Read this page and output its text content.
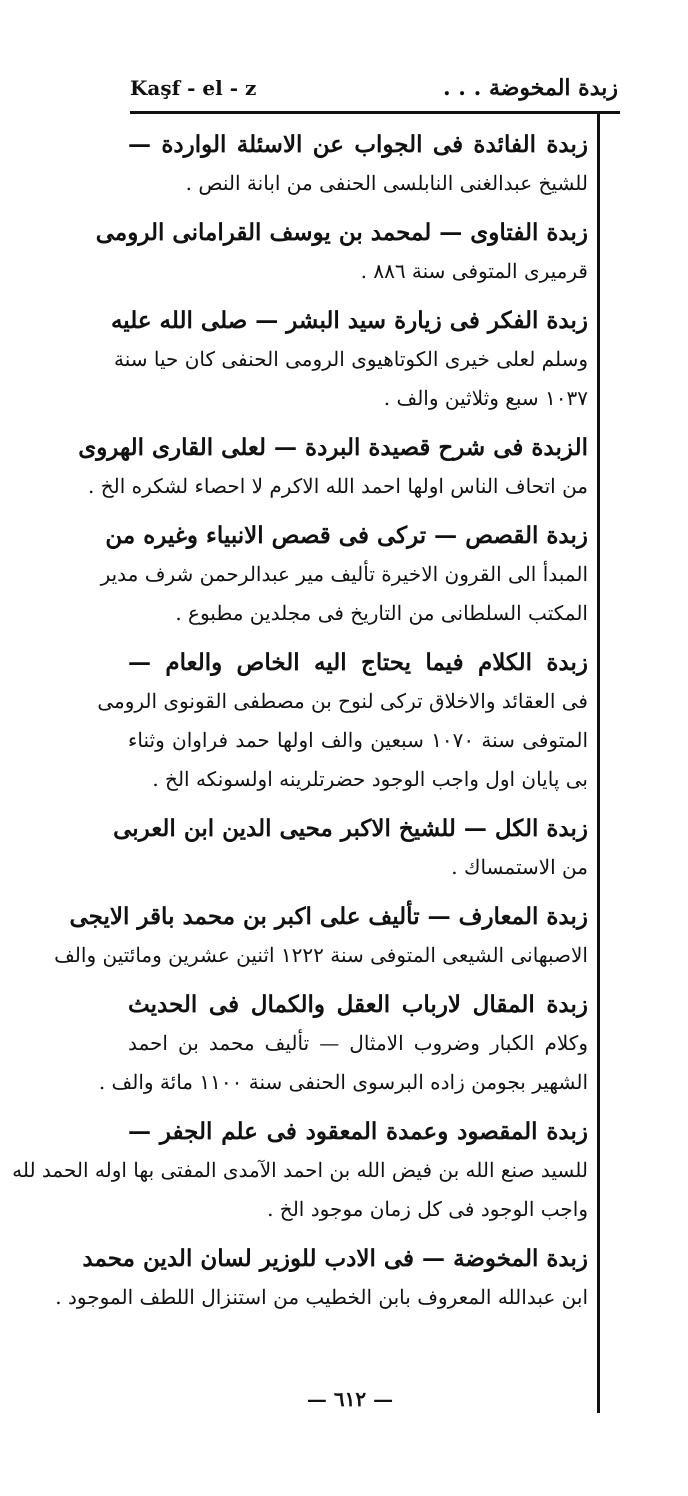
Kaşf - el - z	زبدة المخوضة . . .
زبدة الفائدة فى الجواب عن الاسئلة الواردة —
للشيخ عبدالغنى النابلسى الحنفى من ابانة النص .
زبدة الفتاوى — لمحمد بن يوسف القرامانى الرومى
قرميرى المتوفى سنة ٨٨٦ .
زبدة الفكر فى زيارة سيد البشر — صلى الله عليه
وسلم لعلى خيرى الكوتاهيوى الرومى الحنفى كان حيا سنة
١٠٣٧ سبع وثلاثين والف .
الزبدة فى شرح قصيدة البردة — لعلى القارى الهروى
من اتحاف الناس اولها احمد الله الاكرم لا احصاء لشكره الخ .
زبدة القصص — تركى فى قصص الانبياء وغيره من
المبدأ الى القرون الاخيرة تأليف مير عبدالرحمن شرف مدير
المكتب السلطانى من التاريخ فى مجلدين مطبوع .
زبدة الكلام فيما يحتاج اليه الخاص والعام —
فى العقائد والاخلاق تركى لنوح بن مصطفى القونوى الرومى
المتوفى سنة ١٠٧٠ سبعين والف اولها حمد فراوان وثناء
بى پايان اول واجب الوجود حضرتلرينه اولسونكه الخ .
زبدة الكل — للشيخ الاكبر محيى الدين ابن العربى
من الاستمساك .
زبدة المعارف — تأليف على اكبر بن محمد باقر الايجى
الاصبهانى الشيعى المتوفى سنة ١٢٢٢ اثنين عشرين ومائتين والف
زبدة المقال لارباب العقل والكمال فى الحديث
وكلام الكبار وضروب الامثال — تأليف محمد بن احمد
الشهير بجومن زاده البرسوى الحنفى سنة ١١٠٠ مائة والف .
زبدة المقصود وعمدة المعقود فى علم الجفر —
للسيد صنع الله بن فيض الله بن احمد الآمدى المفتى بها اوله الحمد لله
واجب الوجود فى كل زمان موجود الخ .
زبدة المخوضة — فى الادب للوزير لسان الدين محمد
ابن عبدالله المعروف بابن الخطيب من استنزال اللطف الموجود .
— ٦١٢ —
